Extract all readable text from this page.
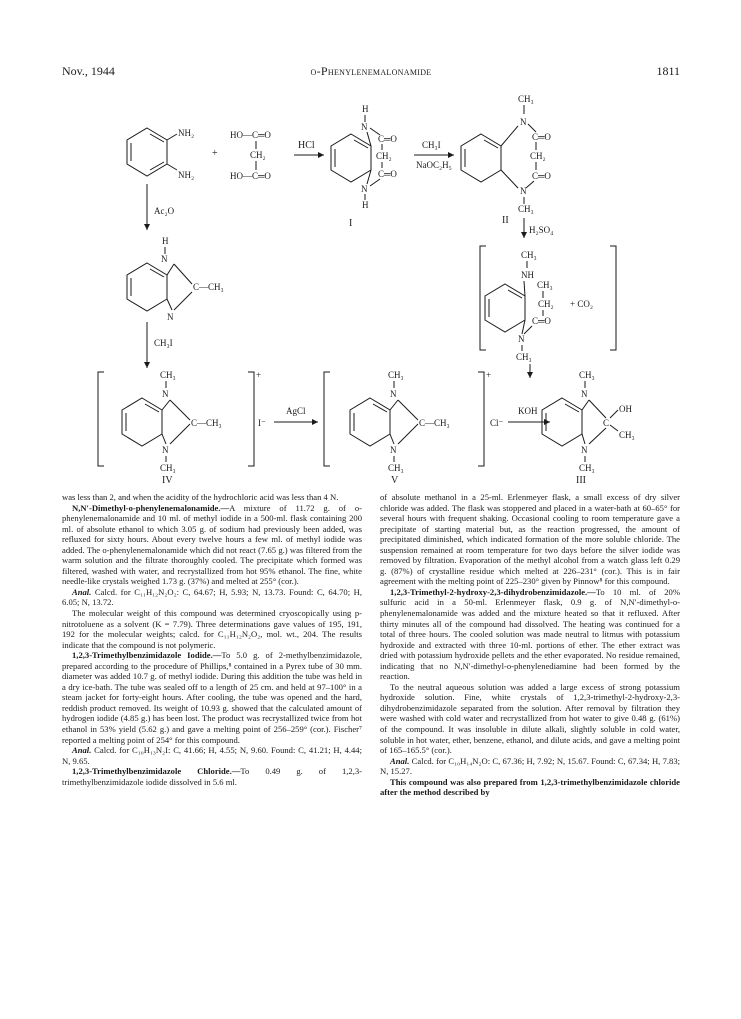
Nov., 1944	o-Phenylenemalonamide	1811
NH₂
NH₂
+
HO—C═O
CH₂
HO—C═O
HCl
H
N
C═O
CH₂
C═O
N
H
I
CH₃I
NaOC₂H₅
CH₃
N
C═O
CH₂
C═O
N
CH₃
II
H₂SO₄
CH₃
NH
CH₃
CH₂
C═O
N
CH₃
+ CO₂
Ac₂O
H
N
C—CH₃
N
CH₃I
+
CH₃
N
C—CH₃
N
CH₃
I⁻
IV
AgCl
+
CH₃
N
C—CH₃
N
CH₃
Cl⁻
V
KOH
CH₃
N
C
OH
CH₃
N
CH₃
III

was less than 2, and when the acidity of the hydrochloric acid was less than 4 N.

N,N′-Dimethyl-o-phenylenemalonamide.—A mixture of 11.72 g. of o-phenylenemalonamide and 10 ml. of methyl iodide in a 500-ml. flask containing 200 ml. of absolute ethanol to which 3.05 g. of sodium had previously been added, was refluxed for sixty hours. About every twelve hours a few ml. of methyl iodide was added. The o-phenylenemalonamide which did not react (7.65 g.) was filtered from the warm solution and the filtrate thoroughly cooled. The precipitate which formed was filtered, washed with water, and recrystallized from hot 95% ethanol. The fine, white needle-like crystals weighed 1.73 g. (37%) and melted at 255° (cor.).

Anal. Calcd. for C₁₁H₁₂N₂O₂: C, 64.67; H, 5.93; N, 13.73. Found: C, 64.70; H, 6.05; N, 13.72.

The molecular weight of this compound was determined cryoscopically using p-nitrotoluene as a solvent (K = 7.79). Three determinations gave values of 195, 191, 192 for the molecular weights; calcd. for C₁₁H₁₂N₂O₂, mol. wt., 204. The results indicate that the compound is not polymeric.

1,2,3-Trimethylbenzimidazole Iodide.—To 5.0 g. of 2-methylbenzimidazole, prepared according to the procedure of Phillips,⁸ contained in a Pyrex tube of 30 mm. diameter was added 10.7 g. of methyl iodide. During this addition the tube was held in a dry ice-bath. The tube was sealed off to a length of 25 cm. and held at 97–100° in a steam jacket for forty-eight hours. After cooling, the tube was opened and the hard, reddish product removed. Its weight of 10.93 g. showed that the calculated amount of hydrogen iodide (4.85 g.) has been lost. The product was recrystallized twice from hot ethanol in 53% yield (5.62 g.) and gave a melting point of 256–259° (cor.). Fischer⁷ reported a melting point of 254° for this compound.

Anal. Calcd. for C₁₀H₁₃N₂I: C, 41.66; H, 4.55; N, 9.60. Found: C, 41.21; H, 4.44; N, 9.65.

1,2,3-Trimethylbenzimidazole Chloride.—To 0.49 g. of 1,2,3-trimethylbenzimidazole iodide dissolved in 5.6 ml.

of absolute methanol in a 25-ml. Erlenmeyer flask, a small excess of dry silver chloride was added. The flask was stoppered and placed in a water-bath at 60–65° for several hours with frequent shaking. Occasional cooling to room temperature gave a precipitate of starting material but, as the reaction progressed, the amount of precipitated diminished, which indicated formation of the more soluble chloride. The suspension remained at room temperature for two days before the silver iodide was removed by filtration. Evaporation of the methyl alcohol from a watch glass left 0.29 g. (87%) of crystalline residue which melted at 226–231° (cor.). This is in fair agreement with the melting point of 225–230° given by Pinnow⁸ for this compound.

1,2,3-Trimethyl-2-hydroxy-2,3-dihydrobenzimidazole.—To 10 ml. of 20% sulfuric acid in a 50-ml. Erlenmeyer flask, 0.9 g. of N,N′-dimethyl-o-phenylenemalonamide was added and the mixture heated so that it refluxed. After thirty minutes all of the compound had dissolved. The heating was continued for a total of three hours. The cooled solution was made neutral to litmus with potassium hydroxide and extracted with three 10-ml. portions of ether. The ether extract was dried with potassium hydroxide pellets and the ether evaporated. No residue remained, indicating that no N,N′-dimethyl-o-phenylenediamine had been formed by the reaction.

To the neutral aqueous solution was added a large excess of strong potassium hydroxide solution. Fine, white crystals of 1,2,3-trimethyl-2-hydroxy-2,3-dihydrobenzimidazole separated from the solution. After removal by filtration they were washed with cold water and recrystallized from hot water to give 0.48 g. (61%) of the compound. It was insoluble in dilute alkali, slightly soluble in cold water, soluble in hot water, ether, benzene, ethanol, and dilute acids, and gave a melting point of 165–165.5° (cor.).

Anal. Calcd. for C₁₀H₁₄N₂O: C, 67.36; H, 7.92; N, 15.67. Found: C, 67.34; H, 7.83; N, 15.27.

This compound was also prepared from 1,2,3-trimethylbenzimidazole chloride after the method described by
